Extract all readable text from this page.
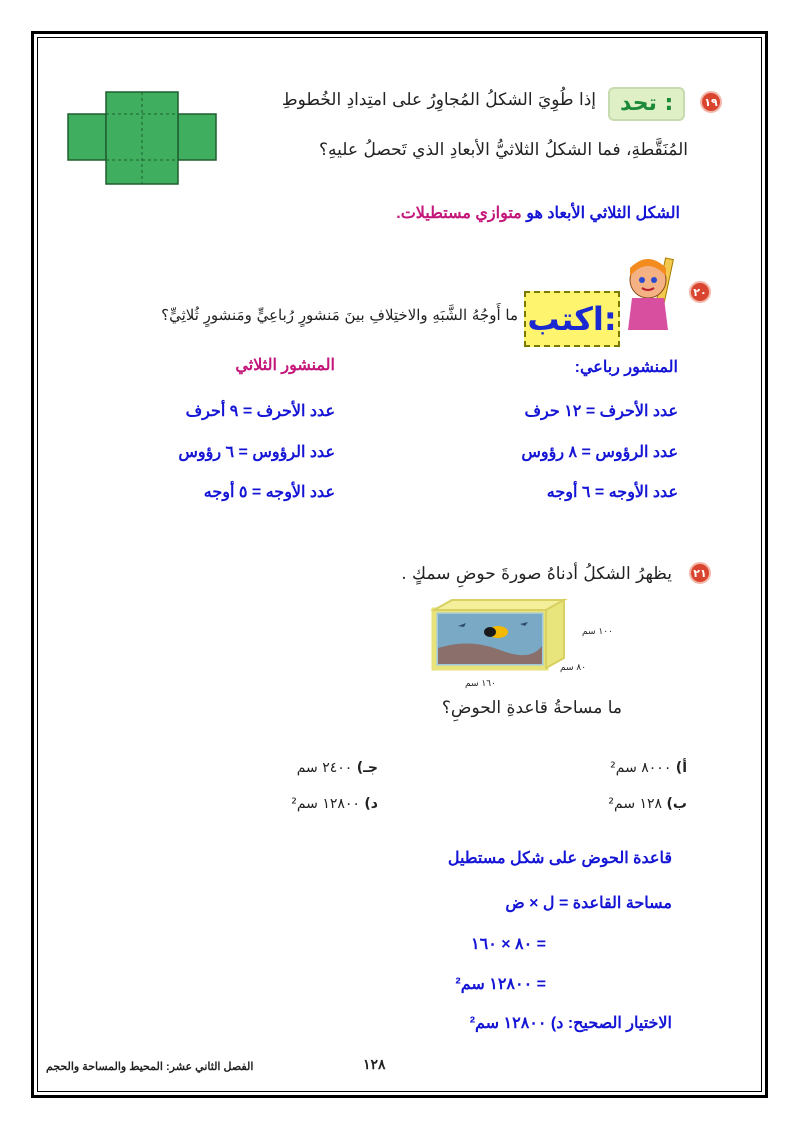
١٩
تحد :
إذا طُوِيَ الشكلُ المُجاوِرُ على امتِدادِ الخُطوطِ
المُنَقَّطةِ، فما الشكلُ الثلاثيُّ الأبعادِ الذي تَحصلُ عليهِ؟
الشكل الثلاثي الأبعاد هو متوازي مستطيلات.
٢٠
اكتب:
ما أَوجُهُ الشَّبَهِ والاختِلافِ بينَ مَنشورٍ رُباعِيٍّ ومَنشورٍ ثُلاثِيٍّ؟
المنشور رباعي:
المنشور الثلاثي
عدد الأحرف = ١٢ حرف
عدد الرؤوس = ٨ رؤوس
عدد الأوجه = ٦ أوجه
عدد الأحرف = ٩ أحرف
عدد الرؤوس = ٦ رؤوس
عدد الأوجه = ٥ أوجه
٢١
يظهرُ الشكلُ أدناهُ صورةَ حوضِ سمكٍ .
١٠٠ سم
٨٠ سم
١٦٠ سم
ما مساحةُ قاعدةِ الحوضِ؟
أ) ٨٠٠٠ سم²
جـ) ٢٤٠٠ سم
ب) ١٢٨ سم²
د) ١٢٨٠٠ سم²
قاعدة الحوض على شكل مستطيل
مساحة القاعدة = ل × ض
= ٨٠ × ١٦٠
= ١٢٨٠٠ سم²
الاختيار الصحيح: د) ١٢٨٠٠ سم²
١٢٨
الفصل الثاني عشر: المحيط والمساحة والحجم
